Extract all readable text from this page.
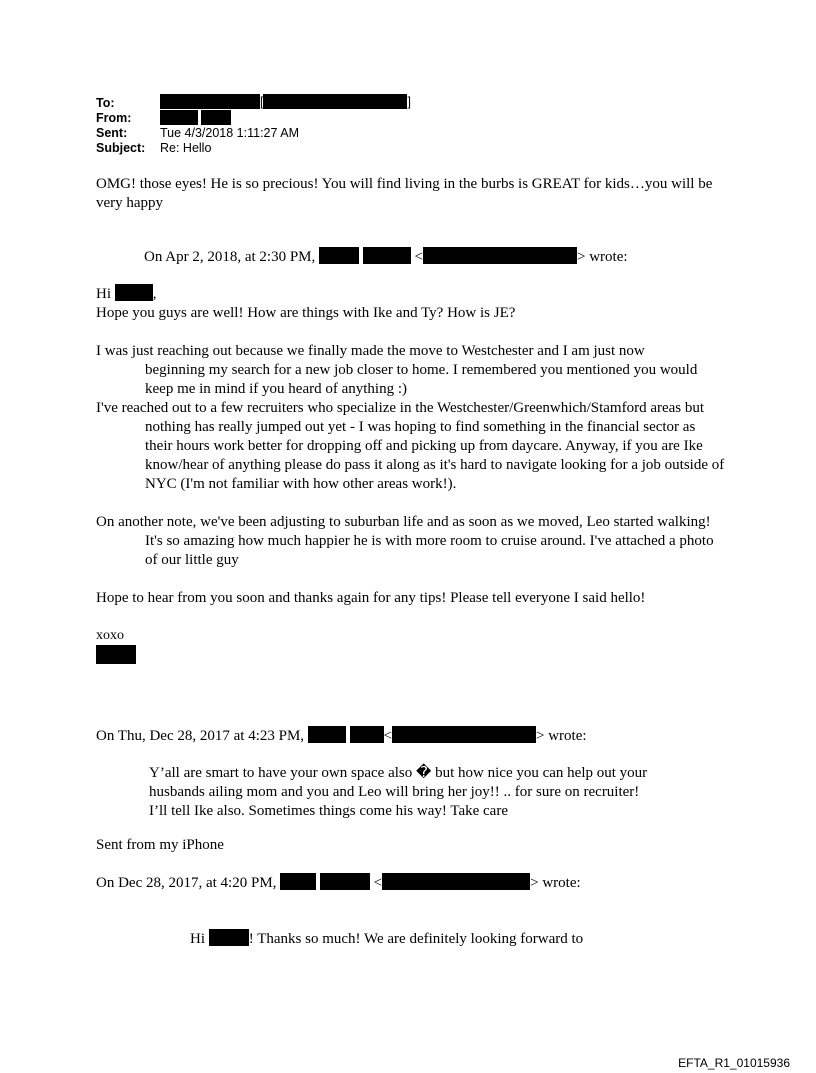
To:	[	]
From:

Sent:	Tue 4/3/2018 1:11:27 AM
Subject: Re: Hello

OMG! those eyes! He is so precious! You will find living in the burbs is GREAT for kids…you will be very happy

On Apr 2, 2018, at 2:30 PM,	<	> wrote:

Hi	,

Hope you guys are well! How are things with Ike and Ty? How is JE?

I was just reaching out because we finally made the move to Westchester and I am just now beginning my search for a new job closer to home. I remembered you mentioned you would keep me in mind if you heard of anything :)

I've reached out to a few recruiters who specialize in the Westchester/Greenwhich/Stamford areas but nothing has really jumped out yet - I was hoping to find something in the financial sector as their hours work better for dropping off and picking up from daycare. Anyway, if you are Ike know/hear of anything please do pass it along as it's hard to navigate looking for a job outside of NYC (I'm not familiar with how other areas work!).

On another note, we've been adjusting to suburban life and as soon as we moved, Leo started walking! It's so amazing how much happier he is with more room to cruise around. I've attached a photo of our little guy

Hope to hear from you soon and thanks again for any tips! Please tell everyone I said hello!

xoxo

On Thu, Dec 28, 2017 at 4:23 PM,	<	> wrote:

Y’all are smart to have your own space also � but how nice you can help out your husbands ailing mom and you and Leo will bring her joy!! .. for sure on recruiter! I’ll tell Ike also. Sometimes things come his way! Take care

Sent from my iPhone
On Dec 28, 2017, at 4:20 PM,	<	> wrote:
Hi	! Thanks so much! We are definitely looking forward to
EFTA_R1_01015936
